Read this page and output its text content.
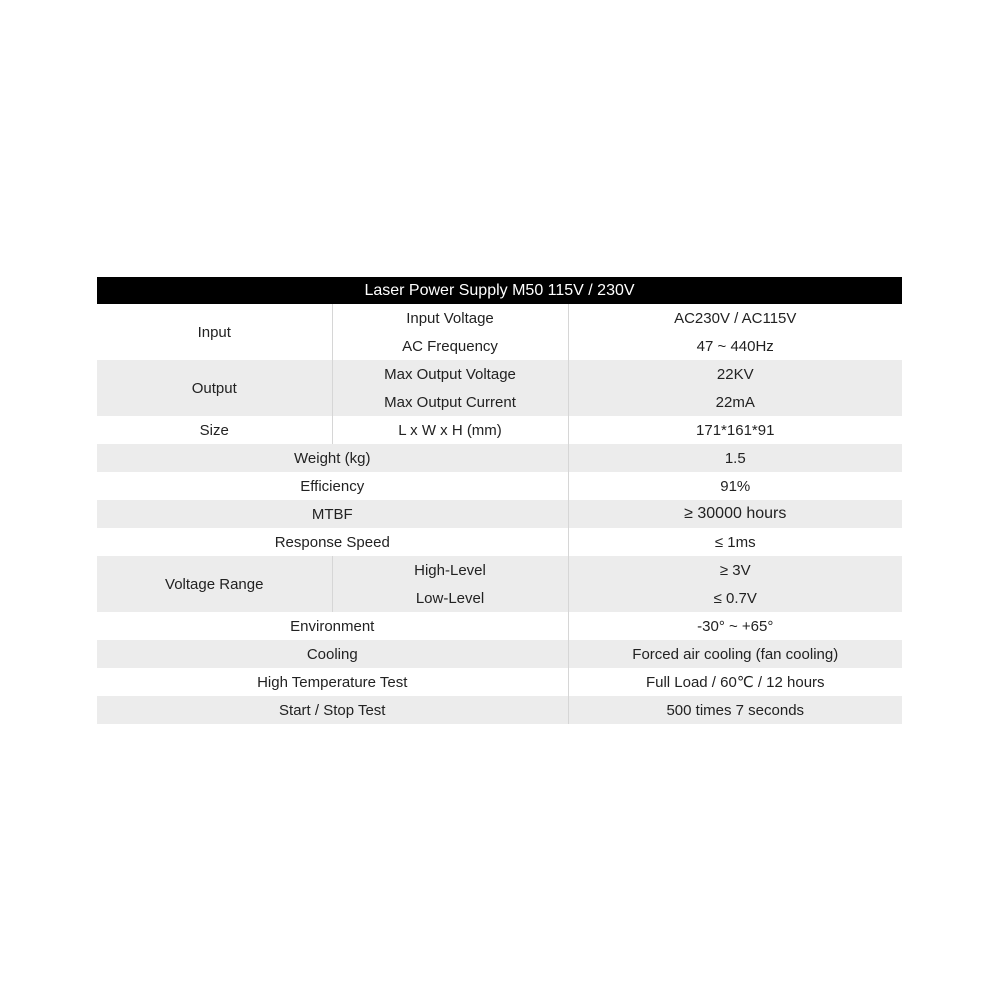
Laser Power Supply M50 115V / 230V		
Input	Input Voltage	AC230V / AC115V
	AC Frequency	47 ~ 440Hz
Output	Max Output Voltage	22KV
	Max Output Current	22mA
Size	L x W x H (mm)	171*161*91
Weight (kg)		1.5
Efficiency		91%
MTBF		≥ 30000 hours
Response Speed		≤ 1ms
Voltage Range	High-Level	≥ 3V
	Low-Level	≤ 0.7V
Environment		-30° ~ +65°
Cooling		Forced air cooling (fan cooling)
High Temperature Test		Full Load / 60℃ / 12 hours
Start / Stop Test		500 times 7 seconds
